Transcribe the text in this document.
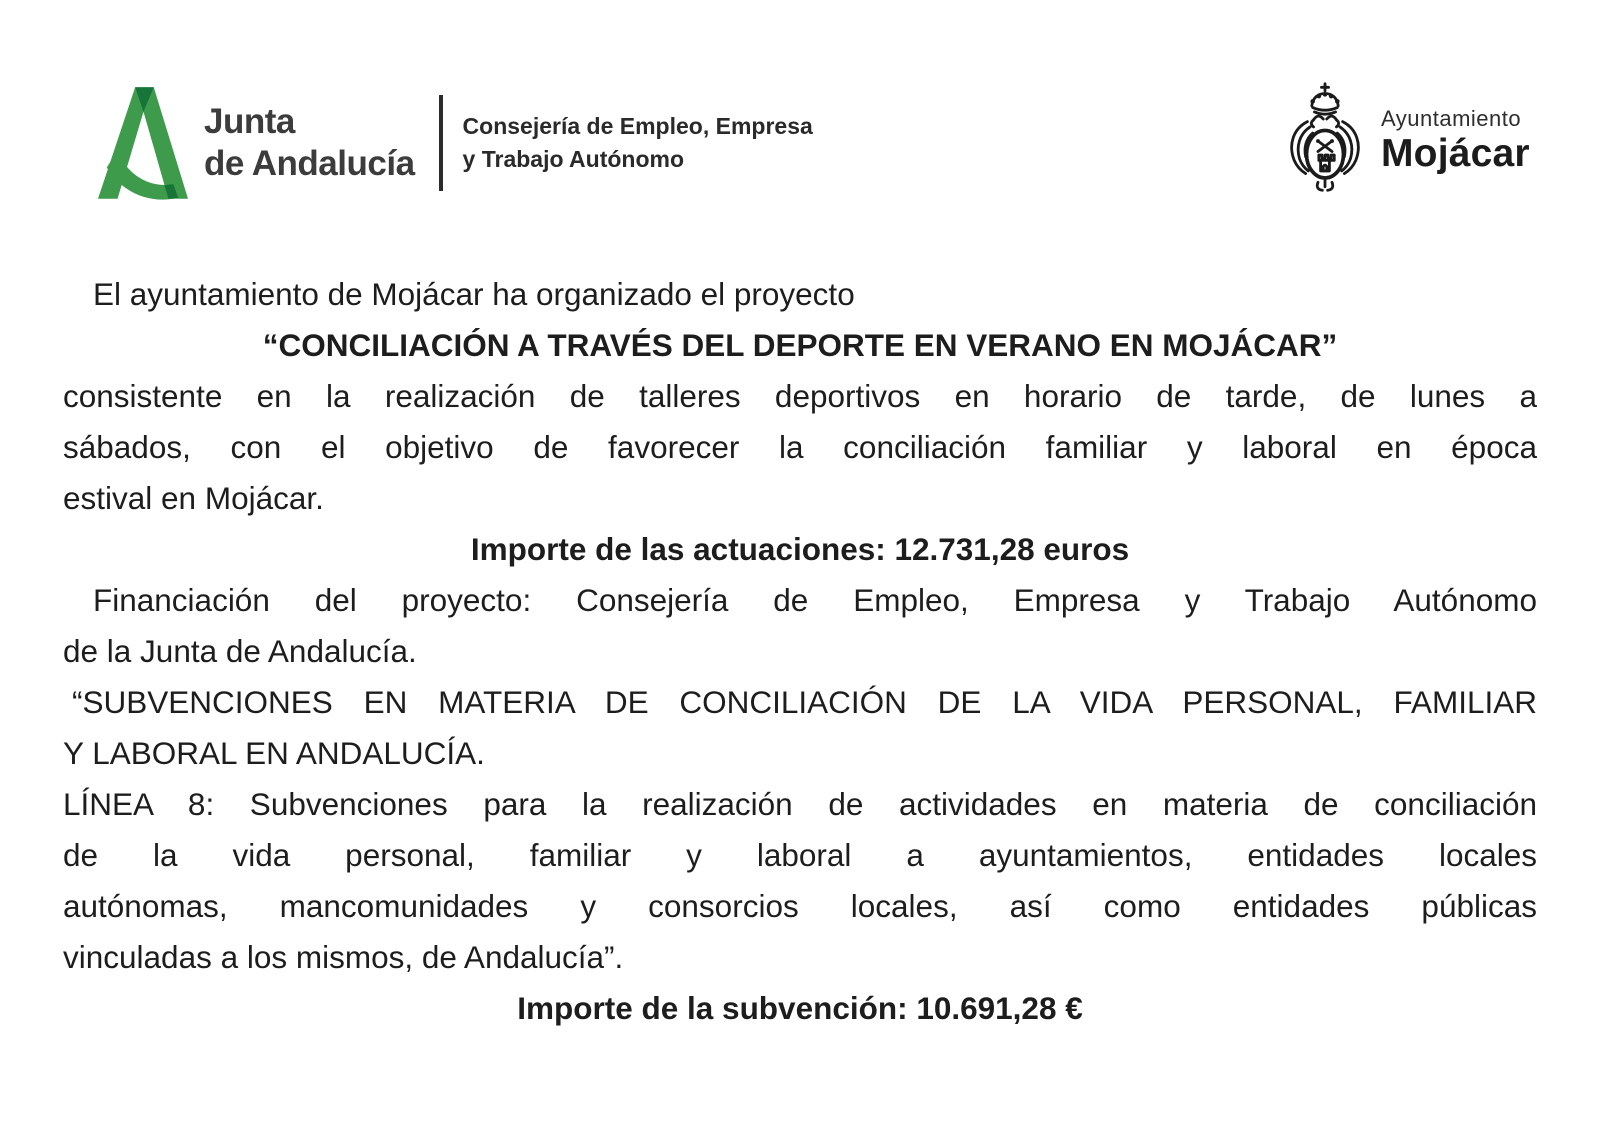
Junta
de Andalucía
Consejería de Empleo, Empresa
y Trabajo Autónomo
Ayuntamiento
Mojácar
El ayuntamiento de Mojácar ha organizado el proyecto
“CONCILIACIÓN A TRAVÉS DEL DEPORTE EN VERANO EN MOJÁCAR”
consistente en la realización de talleres deportivos en horario de tarde, de lunes a
sábados, con el objetivo de favorecer la conciliación familiar y laboral en época
estival en Mojácar.
Importe de las actuaciones: 12.731,28 euros
Financiación del proyecto: Consejería de Empleo, Empresa y Trabajo Autónomo
de la Junta de Andalucía.
“SUBVENCIONES EN MATERIA DE CONCILIACIÓN DE LA VIDA PERSONAL, FAMILIAR
Y LABORAL EN ANDALUCÍA.
LÍNEA 8: Subvenciones para la realización de actividades en materia de conciliación
de la vida personal, familiar y laboral a ayuntamientos, entidades locales
autónomas, mancomunidades y consorcios locales, así como entidades públicas
vinculadas a los mismos, de Andalucía”.
Importe de la subvención: 10.691,28 €
